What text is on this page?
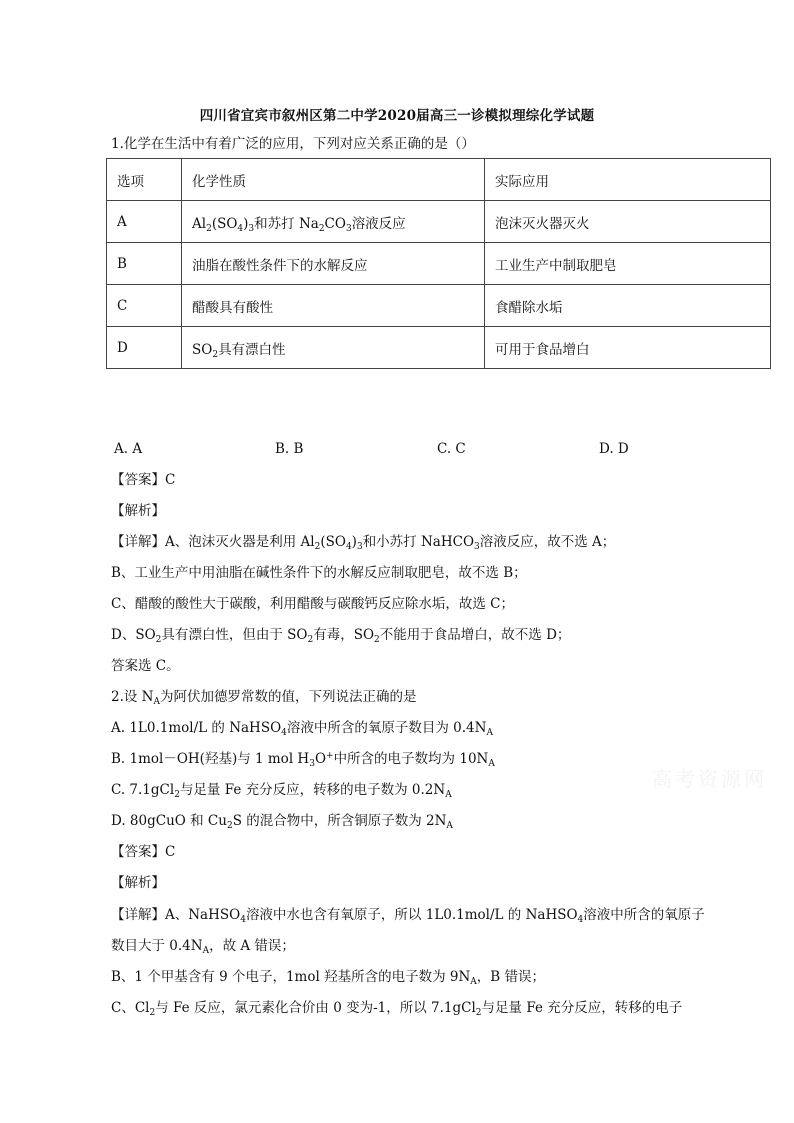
四川省宜宾市叙州区第二中学2020届高三一诊模拟理综化学试题
1.化学在生活中有着广泛的应用，下列对应关系正确的是（）
选项	化学性质	实际应用
A	$Al_2(SO_4)_3$和苏打 $Na_2CO_3$溶液反应	泡沫灭火器灭火
B	油脂在酸性条件下的水解反应	工业生产中制取肥皂
C	醋酸具有酸性	食醋除水垢
D	$SO_2$具有漂白性	可用于食品增白
A. A	B. B	C. C	D. D
【答案】C
【解析】
【详解】A、泡沫灭火器是利用 $Al_2(SO_4)_3$和小苏打 NaHCO$_3$溶液反应，故不选 A；
B、工业生产中用油脂在碱性条件下的水解反应制取肥皂，故不选 B；
C、醋酸的酸性大于碳酸，利用醋酸与碳酸钙反应除水垢，故选 C；
D、$SO_2$具有漂白性，但由于 $SO_2$有毒，$SO_2$不能用于食品增白，故不选 D；
答案选 C。
2.设 $N_A$为阿伏加德罗常数的值，下列说法正确的是
A. 1L0.1mol/L 的 NaHSO$_4$溶液中所含的氧原子数目为 $0.4N_A$
B. 1mol－OH(羟基)与 1 mol $H_3O^+$中所含的电子数均为 $10N_A$
C. 7.1gCl$_2$与足量 Fe 充分反应，转移的电子数为 $0.2N_A$
D. 80gCuO 和 $Cu_2S$ 的混合物中，所含铜原子数为 $2N_A$
【答案】C
【解析】
【详解】A、NaHSO$_4$溶液中水也含有氧原子，所以 1L0.1mol/L 的 NaHSO$_4$溶液中所含的氧原子
数目大于 $0.4N_A$，故 A 错误；
B、1 个甲基含有 9 个电子，1mol 羟基所含的电子数为 $9N_A$，B 错误；
C、$Cl_2$与 Fe 反应，氯元素化合价由 0 变为-1，所以 7.1gCl$_2$与足量 Fe 充分反应，转移的电子
高考资源网
